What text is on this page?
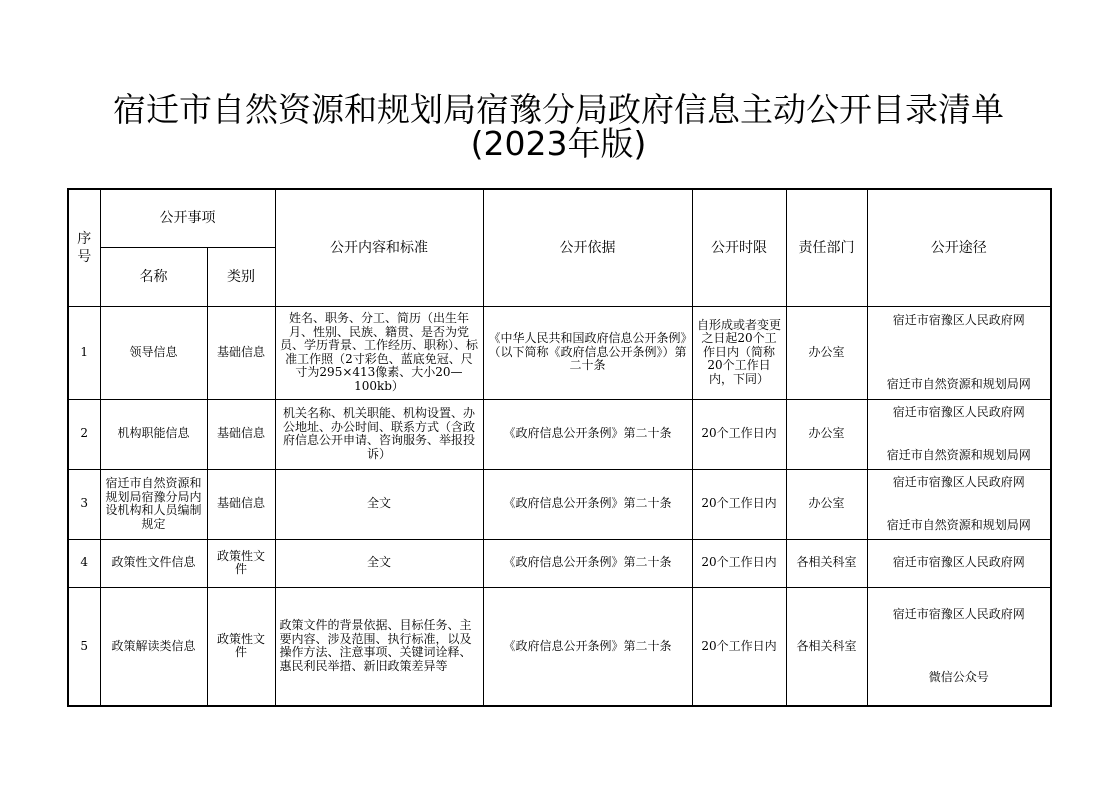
宿迁市自然资源和规划局宿豫分局政府信息主动公开目录清单
(2023年版)
序号	公开事项		公开内容和标准	公开依据	公开时限	责任部门	公开途径
	名称	类别					
1	领导信息	基础信息	姓名、职务、分工、简历（出生年月、性别、民族、籍贯、是否为党员、学历背景、工作经历、职称）、标准工作照（2寸彩色、蓝底免冠、尺寸为295×413像素、大小20—100kb）	《中华人民共和国政府信息公开条例》（以下简称《政府信息公开条例》）第二十条	自形成或者变更之日起20个工作日内（简称20个工作日内，下同）	办公室	宿迁市宿豫区人民政府网
宿迁市自然资源和规划局网

2	机构职能信息	基础信息	机关名称、机关职能、机构设置、办公地址、办公时间、联系方式（含政府信息公开申请、咨询服务、举报投诉）	《政府信息公开条例》第二十条	20个工作日内	办公室	宿迁市宿豫区人民政府网
宿迁市自然资源和规划局网

3	宿迁市自然资源和规划局宿豫分局内设机构和人员编制规定	基础信息	全文	《政府信息公开条例》第二十条	20个工作日内	办公室	宿迁市宿豫区人民政府网
宿迁市自然资源和规划局网

4	政策性文件信息	政策性文件	全文	《政府信息公开条例》第二十条	20个工作日内	各相关科室	宿迁市宿豫区人民政府网
5	政策解读类信息	政策性文件	政策文件的背景依据、目标任务、主要内容、涉及范围、执行标准，以及操作方法、注意事项、关键词诠释、惠民利民举措、新旧政策差异等	《政府信息公开条例》第二十条	20个工作日内	各相关科室	宿迁市宿豫区人民政府网
微信公众号
